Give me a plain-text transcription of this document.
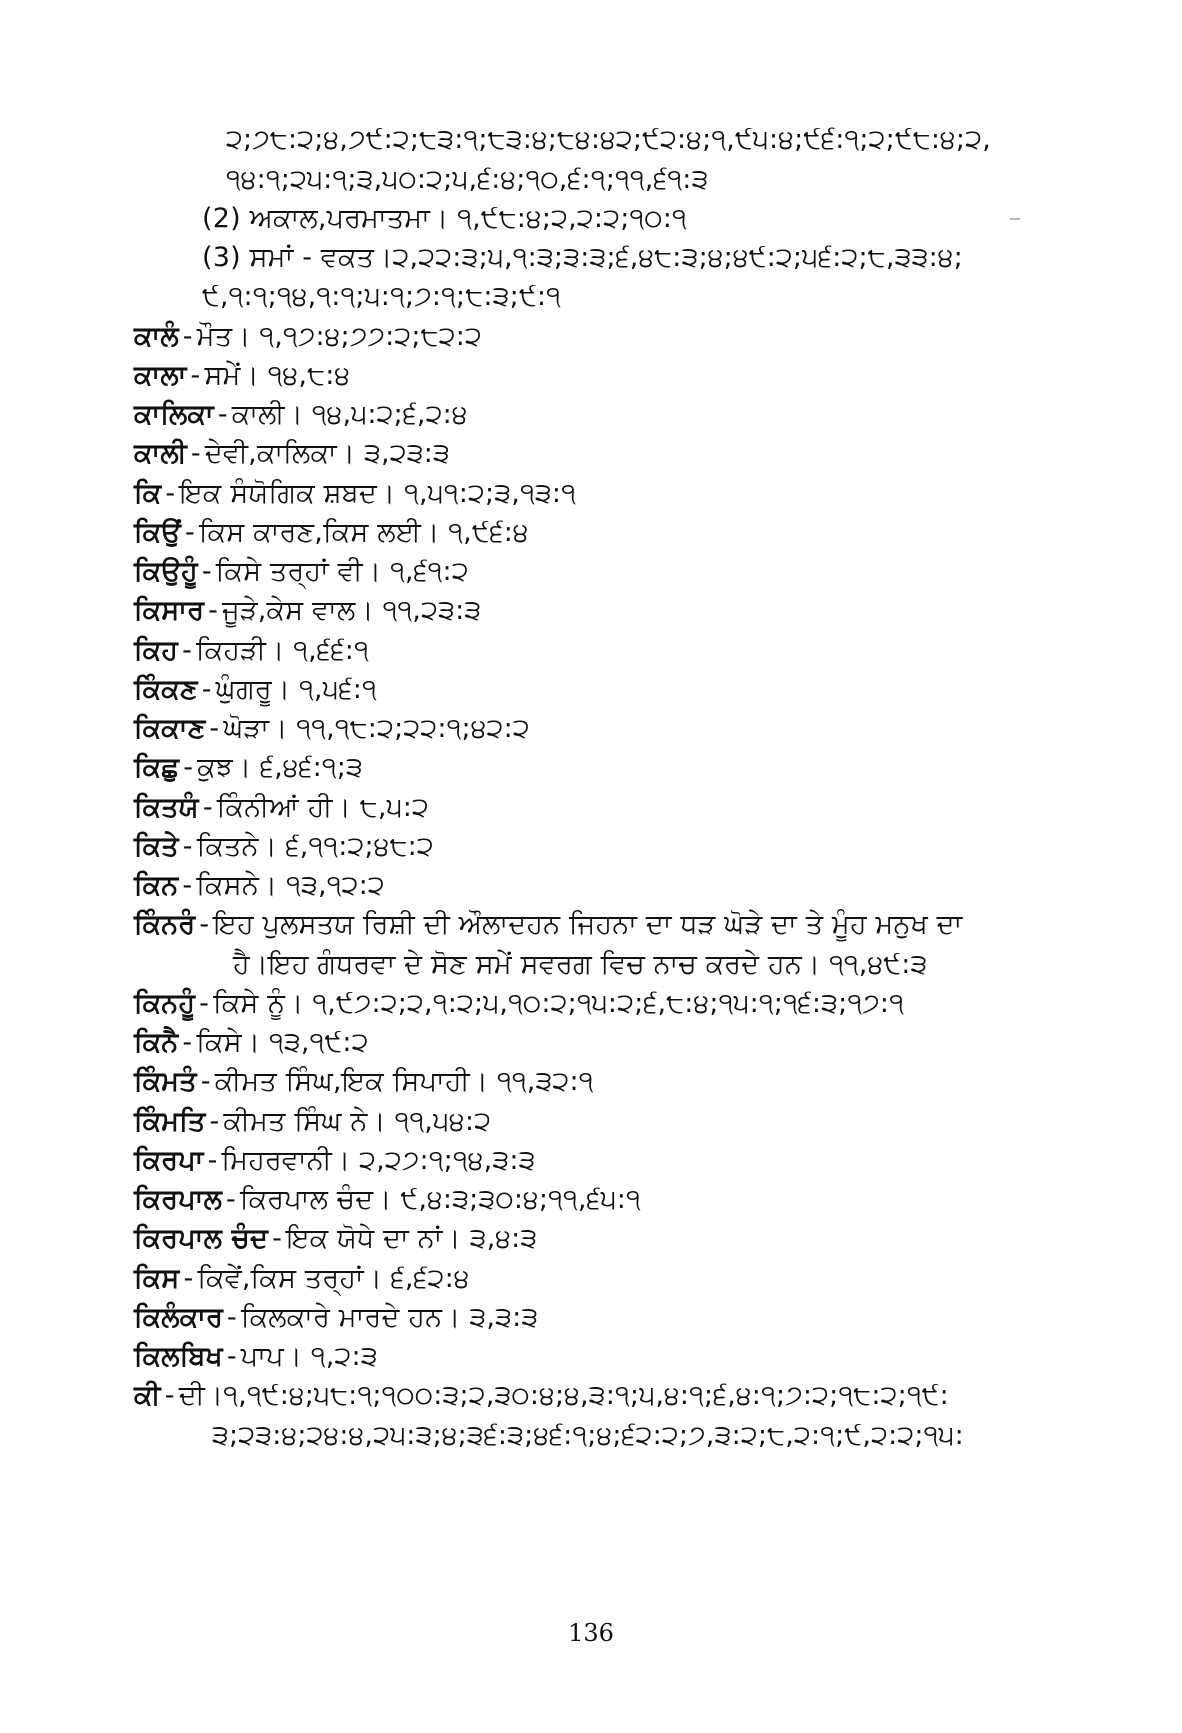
੨;੭੮:੨;੪,੭੯:੨;੮੩:੧;੮੩:੪;੮੪:੪੨;੯੨:੪;੧,੯੫:੪;੯੬:੧;੨;੯੮:੪;੨,
੧੪:੧;੨੫:੧;੩,੫੦:੨;੫,੬:੪;੧੦,੬:੧;੧੧,੬੧:੩
(2) ਅਕਾਲ,ਪਰਮਾਤਮਾ। ੧,੯੮:੪;੨,੨:੨;੧੦:੧
(3) ਸਮਾਂ - ਵਕਤ।੨,੨੨:੩;੫,੧:੩;੩:੩;੬,੪੮:੩;੪;੪੯:੨;੫੬:੨;੮,੩੩:੪;
੯,੧:੧;੧੪,੧:੧;੫:੧;੭:੧;੮:੩;੯:੧
ਕਾਲੰ - ਮੌਤ। ੧,੧੭:੪;੭੭:੨;੮੨:੨
ਕਾਲਾ - ਸਮੇਂ। ੧੪,੮:੪
ਕਾਲਿਕਾ - ਕਾਲੀ। ੧੪,੫:੨;੬,੨:੪
ਕਾਲੀ - ਦੇਵੀ,ਕਾਲਿਕਾ। ੩,੨੩:੩
ਕਿ - ਇਕ ਸੰਯੋਗਿਕ ਸ਼ਬਦ। ੧,੫੧:੨;੩,੧੩:੧
ਕਿਉਂ - ਕਿਸ ਕਾਰਣ,ਕਿਸ ਲਈ। ੧,੯੬:੪
ਕਿਉਹੂੰ - ਕਿਸੇ ਤਰ੍ਹਾਂ ਵੀ। ੧,੬੧:੨
ਕਿਸਾਰ - ਜੂੜੇ,ਕੇਸ ਵਾਲ। ੧੧,੨੩:੩
ਕਿਹ - ਕਿਹੜੀ। ੧,੬੬:੧
ਕਿੰਕਣ - ਘੁੰਗਰੂ। ੧,੫੬:੧
ਕਿਕਾਣ - ਘੋੜਾ। ੧੧,੧੮:੨;੨੨:੧;੪੨:੨
ਕਿਛੁ - ਕੁਝ। ੬,੪੬:੧;੩
ਕਿਤਯੰ - ਕਿੰਨੀਆਂ ਹੀ। ੮,੫:੨
ਕਿਤੇ - ਕਿਤਨੇ। ੬,੧੧:੨;੪੮:੨
ਕਿਨ - ਕਿਸਨੇ। ੧੩,੧੨:੨
ਕਿੰਨਰੰ - ਇਹ ਪੁਲਸਤਯ ਰਿਸ਼ੀ ਦੀ ਔਲਾਦਹਨ ਜਿਹਨਾ ਦਾ ਧੜ ਘੋੜੇ ਦਾ ਤੇ ਮੂੰਹ ਮਨੁਖ ਦਾ
ਹੈ।ਇਹ ਗੰਧਰਵਾ ਦੇ ਸੋਣ ਸਮੇਂ ਸਵਰਗ ਵਿਚ ਨਾਚ ਕਰਦੇ ਹਨ। ੧੧,੪੯:੩
ਕਿਨਹੂੰ - ਕਿਸੇ ਨੂੰ। ੧,੯੭:੨;੨,੧:੨;੫,੧੦:੨;੧੫:੨;੬,੮:੪;੧੫:੧;੧੬:੩;੧੭:੧
ਕਿਨੈ - ਕਿਸੇ। ੧੩,੧੯:੨
ਕਿੰਮਤੰ - ਕੀਮਤ ਸਿੰਘ,ਇਕ ਸਿਪਾਹੀ। ੧੧,੩੨:੧
ਕਿੰਮਤਿ - ਕੀਮਤ ਸਿੰਘ ਨੇ। ੧੧,੫੪:੨
ਕਿਰਪਾ - ਮਿਹਰਵਾਨੀ। ੨,੨੭:੧;੧੪,੩:੩
ਕਿਰਪਾਲ - ਕਿਰਪਾਲ ਚੰਦ। ੯,੪:੩;੩੦:੪;੧੧,੬੫:੧
ਕਿਰਪਾਲ ਚੰਦ - ਇਕ ਯੋਧੇ ਦਾ ਨਾਂ। ੩,੪:੩
ਕਿਸ - ਕਿਵੇਂ,ਕਿਸ ਤਰ੍ਹਾਂ। ੬,੬੨:੪
ਕਿਲੰਕਾਰ - ਕਿਲਕਾਰੇ ਮਾਰਦੇ ਹਨ। ੩,੩:੩
ਕਿਲਬਿਖ - ਪਾਪ। ੧,੨:੩
ਕੀ - ਦੀ।੧,੧੯:੪;੫੮:੧;੧੦੦:੩;੨,੩੦:੪;੪,੩:੧;੫,੪:੧;੬,੪:੧;੭:੨;੧੮:੨;੧੯:
੩;੨੩:੪;੨੪:੪,੨੫:੩;੪;੩੬:੩;੪੬:੧;੪;੬੨:੨;੭,੩:੨;੮,੨:੧;੯,੨:੨;੧੫:
136
